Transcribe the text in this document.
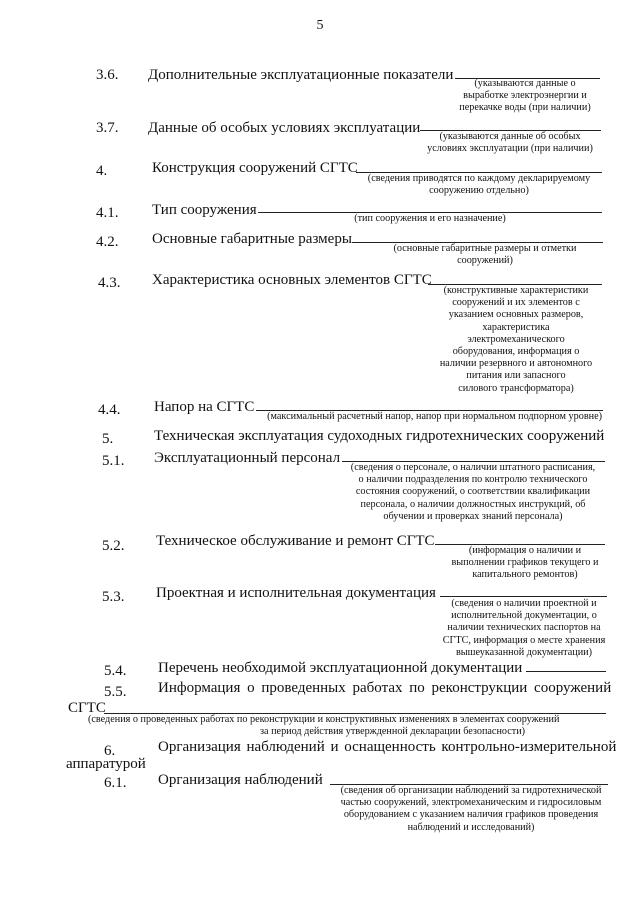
5
3.6. Дополнительные эксплуатационные показатели
(указываются данные о
выработке электроэнергии и
перекачке воды (при наличии)
3.7. Данные об особых условиях эксплуатации
(указываются данные об особых
условиях эксплуатации (при наличии)
4.	Конструкция сооружений СГТС
(сведения приводятся по каждому декларируемому
сооружению отдельно)
4.1. Тип сооружения
(тип сооружения и его назначение)
4.2. Основные габаритные размеры
(основные габаритные размеры и отметки
сооружений)
4.3. Характеристика основных элементов СГТС
(конструктивные характеристики
сооружений и их элементов с
указанием основных размеров,
характеристика
электромеханического
оборудования, информация о
наличии резервного и автономного
питания или запасного
силового трансформатора)
4.4. Напор на СГТС
(максимальный расчетный напор, напор при нормальном подпорном уровне)
5.	Техническая эксплуатация судоходных гидротехнических сооружений
5.1. Эксплуатационный персонал
(сведения о персонале, о наличии штатного расписания,
о наличии подразделения по контролю технического
состояния сооружений, о соответствии квалификации
персонала, о наличии должностных инструкций, об
обучении и проверках знаний персонала)
5.2. Техническое обслуживание и ремонт СГТС
(информация о наличии и
выполнении графиков текущего и
капитального ремонтов)
5.3. Проектная и исполнительная документация
(сведения о наличии проектной и
исполнительной документации, о
наличии технических паспортов на
СГТС, информация о месте хранения
вышеуказанной документации)
5.4. Перечень необходимой эксплуатационной документации
5.5. Информация о проведенных работах по реконструкции сооружений
СГТС
(сведения о проведенных работах по реконструкции и конструктивных изменениях в элементах сооружений
за период действия утвержденной декларации безопасности)
6.	Организация наблюдений и оснащенность контрольно-измерительной
аппаратурой
6.1. Организация наблюдений
(сведения об организации наблюдений за гидротехнической
частью сооружений, электромеханическим и гидросиловым
оборудованием с указанием наличия графиков проведения
наблюдений и исследований)
